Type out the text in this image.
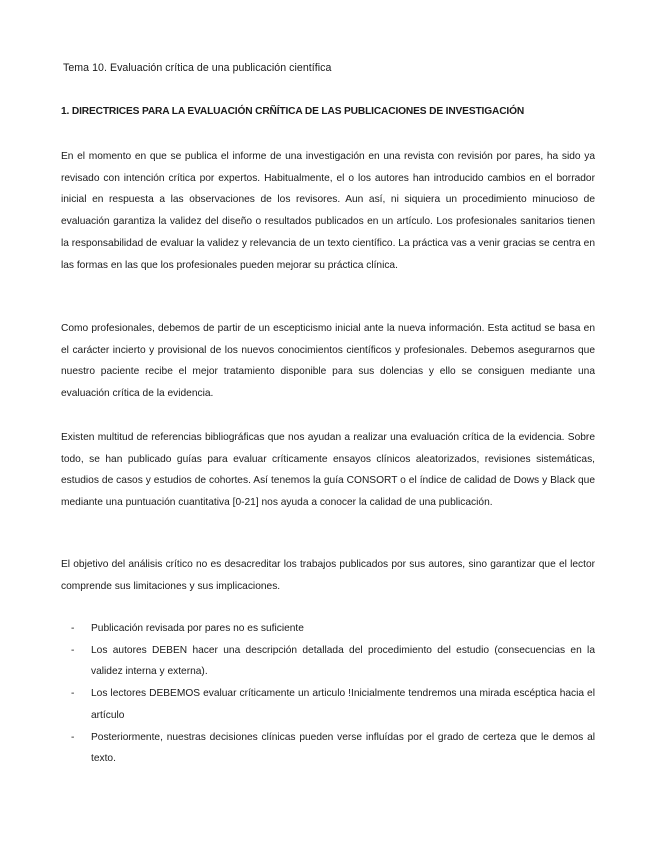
Tema 10. Evaluación crítica de una publicación científica
1. DIRECTRICES PARA LA EVALUACIÓN CRÑÍTICA DE LAS PUBLICACIONES DE INVESTIGACIÓN

En el momento en que se publica el informe de una investigación en una revista con revisión por pares, ha sido ya revisado con intención crítica por expertos. Habitualmente, el o los autores han introducido cambios en el borrador inicial en respuesta a las observaciones de los revisores. Aun así, ni siquiera un procedimiento minucioso de evaluación garantiza la validez del diseño o resultados publicados en un artículo. Los profesionales sanitarios tienen la responsabilidad de evaluar la validez y relevancia de un texto científico. La práctica vas a venir gracias se centra en las formas en las que los profesionales pueden mejorar su práctica clínica.

Como profesionales, debemos de partir de un escepticismo inicial ante la nueva información. Esta actitud se basa en el carácter incierto y provisional de los nuevos conocimientos científicos y profesionales. Debemos asegurarnos que nuestro paciente recibe el mejor tratamiento disponible para sus dolencias y ello se consiguen mediante una evaluación crítica de la evidencia.

Existen multitud de referencias bibliográficas que nos ayudan a realizar una evaluación crítica de la evidencia. Sobre todo, se han publicado guías para evaluar críticamente ensayos clínicos aleatorizados, revisiones sistemáticas, estudios de casos y estudios de cohortes. Así tenemos la guía CONSORT o el índice de calidad de Dows y Black que mediante una puntuación cuantitativa [0-21] nos ayuda a conocer la calidad de una publicación.

El objetivo del análisis crítico no es desacreditar los trabajos publicados por sus autores, sino garantizar que el lector comprende sus limitaciones y sus implicaciones.

- Publicación revisada por pares no es suficiente
- Los autores DEBEN hacer una descripción detallada del procedimiento del estudio (consecuencias en la validez interna y externa).
- Los lectores DEBEMOS evaluar críticamente un articulo !Inicialmente tendremos una mirada escéptica hacia el artículo
- Posteriormente, nuestras decisiones clínicas pueden verse influídas por el grado de certeza que le demos al texto.
